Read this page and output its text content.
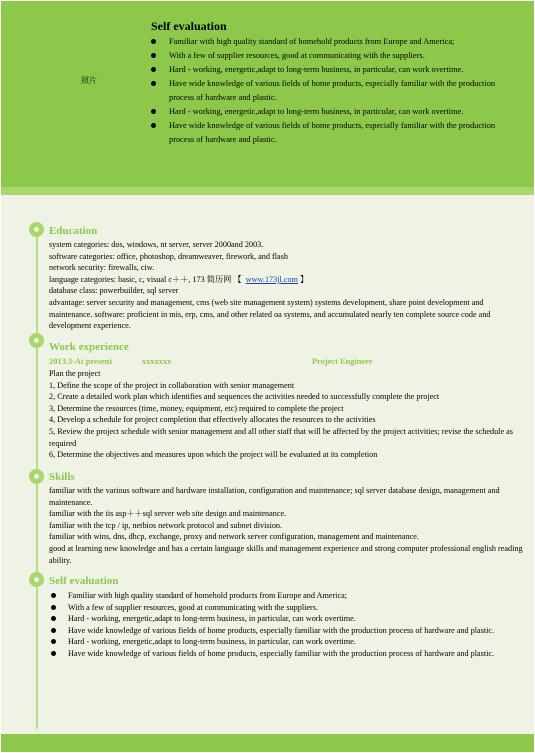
照片
Self evaluation
Familiar with high quality standard of homehold products from Europe and America;
With a few of supplier resources, good at communicating with the suppliers.
Hard - working, energetic,adapt to long-term business, in particular, can work overtime.
Have wide knowledge of various fields of home products, especially familiar with the production process of hardware and plastic.
Hard - working, energetic,adapt to long-term business, in particular, can work overtime.
Have wide knowledge of various fields of home products, especially familiar with the production process of hardware and plastic.
Education

system categories: dos, windows, nt server, server 2000and 2003.

software categories: office, photoshop, dreamweaver, firework, and flash

network security: firewalls, ciw.

language categories: basic, c, visual c＋＋, 173 简历网 【 www.173jl.com 】

database class: powerbuilder, sql server

advantage: server security and management, cms (web site management system) systems development, share point development and maintenance. software: proficient in mis, erp, cms, and other related oa systems, and accumulated nearly ten complete source code and development experience.

Work experience
2013.3-At present	xxxxxxx	Project Engineer

Plan the project

1, Define the scope of the project in collaboration with senior management

2, Create a detailed work plan which identifies and sequences the activities needed to successfully complete the project

3, Determine the resources (time, money, equipment, etc) required to complete the project

4, Develop a schedule for project completion that effectively allocates the resources to the activities

5, Review the project schedule with senior management and all other staff that will be affected by the project activities; revise the schedule as required

6, Determine the objectives and measures upon which the project will be evaluated at its completion

Skills

familiar with the various software and hardware installation, configuration and maintenance; sql server database design, management and maintenance.

familiar with the iis asp＋＋sql server web site design and maintenance.

familiar with the tcp / ip, netbios network protocol and subnet division.

familiar with wins, dns, dhcp, exchange, proxy and network server configuration, management and maintenance.

good at learning new knowledge and has a certain language skills and management experience and strong computer professional english reading ability.

Self evaluation
Familiar with high quality standard of homehold products from Europe and America;
With a few of supplier resources, good at communicating with the suppliers.
Hard - working, energetic,adapt to long-term business, in particular, can work overtime.
Have wide knowledge of various fields of home products, especially familiar with the production process of hardware and plastic.
Hard - working, energetic,adapt to long-term business, in particular, can work overtime.
Have wide knowledge of various fields of home products, especially familiar with the production process of hardware and plastic.
